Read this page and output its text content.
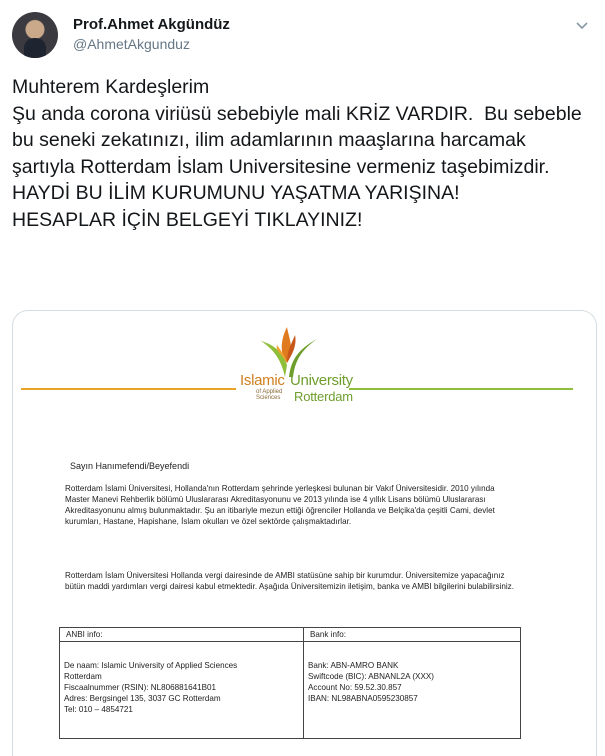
Prof.Ahmet Akgündüz
@AhmetAkgunduz
Muhterem Kardeşlerim
Şu anda corona viriüsü sebebiyle mali KRİZ VARDIR.  Bu sebeble bu seneki zekatınızı, ilim adamlarının maaşlarına harcamak şartıyla Rotterdam İslam Universitesine vermeniz taşebimizdir.
HAYDİ BU İLİM KURUMUNU YAŞATMA YARIŞINA!
HESAPLAR İÇİN BELGEYİ TIKLAYINIZ!
Islamic
of Applied
Sciences
University
Rotterdam
Sayın Hanımefendi/Beyefendi
Rotterdam İslami Üniversitesi, Hollanda'nın Rotterdam şehrinde yerleşkesi bulunan bir Vakıf Üniversitesidir. 2010 yılında Master Manevi Rehberlik bölümü Uluslararası Akreditasyonunu ve 2013 yılında ise 4 yıllık Lisans bölümü Uluslararası Akreditasyonunu almış bulunmaktadır. Şu an itibariyle mezun ettiği öğrenciler Hollanda ve Belçika'da çeşitli Cami, devlet kurumları, Hastane, Hapishane, İslam okulları ve özel sektörde çalışmaktadırlar.
Rotterdam İslam Üniversitesi Hollanda vergi dairesinde de AMBI statüsüne sahip bir kurumdur. Üniversitemize yapacağınız bütün maddi yardımları vergi dairesi kabul etmektedir. Aşağıda Üniversitemizin iletişim, banka ve AMBI bilgilerini bulabilirsiniz.
ANBI info:
De naam: Islamic University of Applied Sciences
Rotterdam
Fiscaalnummer (RSIN): NL806881641B01
Adres: Bergsingel 135, 3037 GC Rotterdam
Tel: 010 – 4854721
Bank info:
Bank: ABN-AMRO BANK
Swiftcode (BIC): ABNANL2A (XXX)
Account No: 59.52.30.857
IBAN: NL98ABNA0595230857
